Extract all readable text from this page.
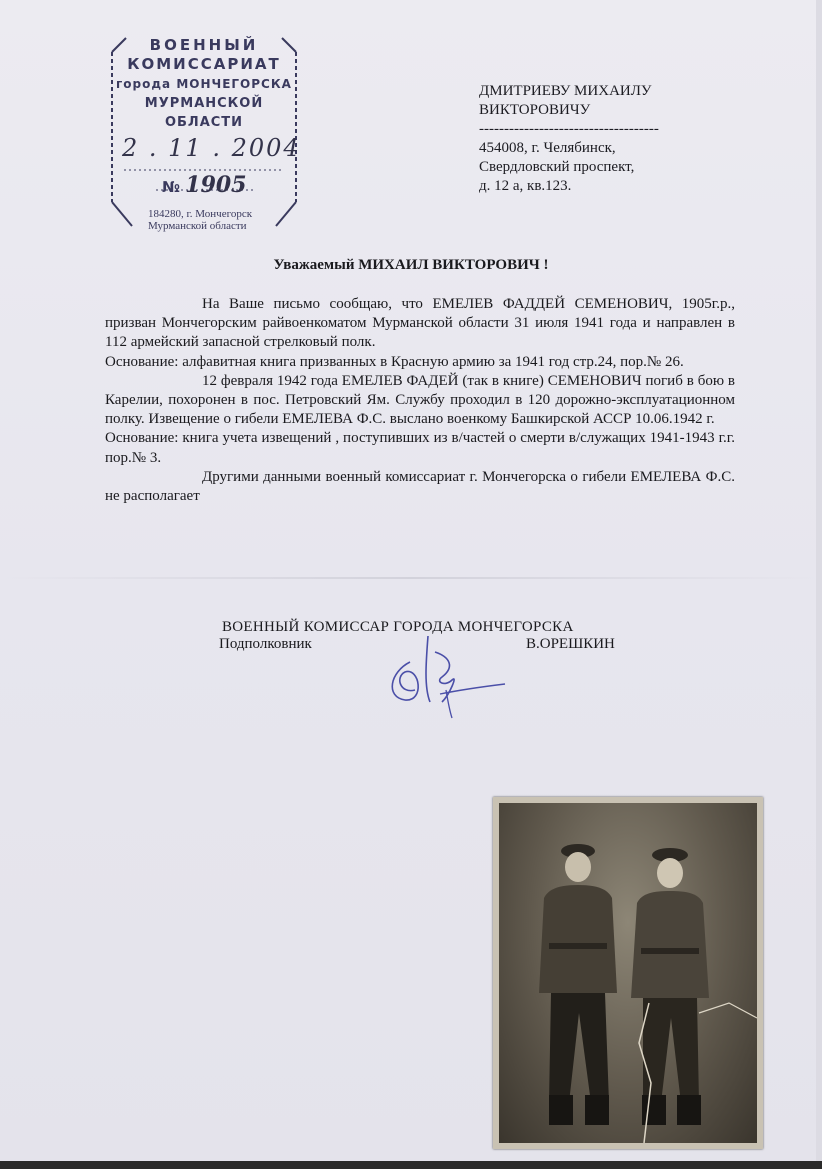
ВОЕННЫЙ
КОМИССАРИАТ
города МОНЧЕГОРСКА
МУРМАНСКОЙ
ОБЛАСТИ
2 . 11 . 2004
№ 1905
184280, г. Мончегорск
Мурманской области
ДМИТРИЕВУ МИХАИЛУ
ВИКТОРОВИЧУ
------------------------------------
454008, г. Челябинск,
Свердловский проспект,
д. 12 а, кв.123.
Уважаемый МИХАИЛ ВИКТОРОВИЧ !

На Ваше письмо сообщаю, что ЕМЕЛЕВ ФАДДЕЙ СЕМЕНОВИЧ, 1905г.р., призван Мончегорским райвоенкоматом Мурманской области 31 июля 1941 года и направлен в 112 армейский запасной стрелковый полк.

Основание: алфавитная книга призванных в Красную армию за 1941 год стр.24, пор.№ 26.

12 февраля 1942 года ЕМЕЛЕВ ФАДЕЙ (так в книге) СЕМЕНОВИЧ погиб в бою в Карелии, похоронен в пос. Петровский Ям. Службу проходил в 120 дорожно-эксплуатационном полку. Извещение о гибели ЕМЕЛЕВА Ф.С. выслано военкому Башкирской АССР 10.06.1942 г.

Основание: книга учета извещений , поступивших из в/частей о смерти в/служащих 1941-1943 г.г. пор.№ 3.

Другими данными военный комиссариат г. Мончегорска о гибели ЕМЕЛЕВА Ф.С. не располагает

ВОЕННЫЙ КОМИССАР ГОРОДА МОНЧЕГОРСКА
Подполковник	В.ОРЕШКИН
